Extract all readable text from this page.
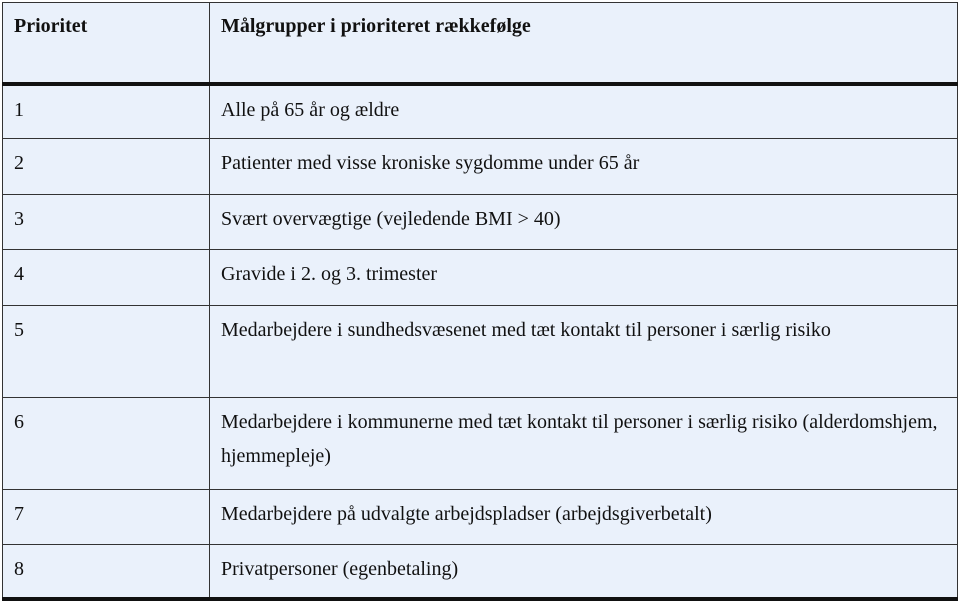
Prioritet	Målgrupper i prioriteret rækkefølge
1	Alle på 65 år og ældre
2	Patienter med visse kroniske sygdomme under 65 år
3	Svært overvægtige (vejledende BMI > 40)
4	Gravide i 2. og 3. trimester
5	Medarbejdere i sundhedsvæsenet med tæt kontakt til personer i særlig risiko
6	Medarbejdere i kommunerne med tæt kontakt til personer i særlig risiko (alderdomshjem, hjemmepleje)
7	Medarbejdere på udvalgte arbejdspladser (arbejdsgiverbetalt)
8	Privatpersoner (egenbetaling)
